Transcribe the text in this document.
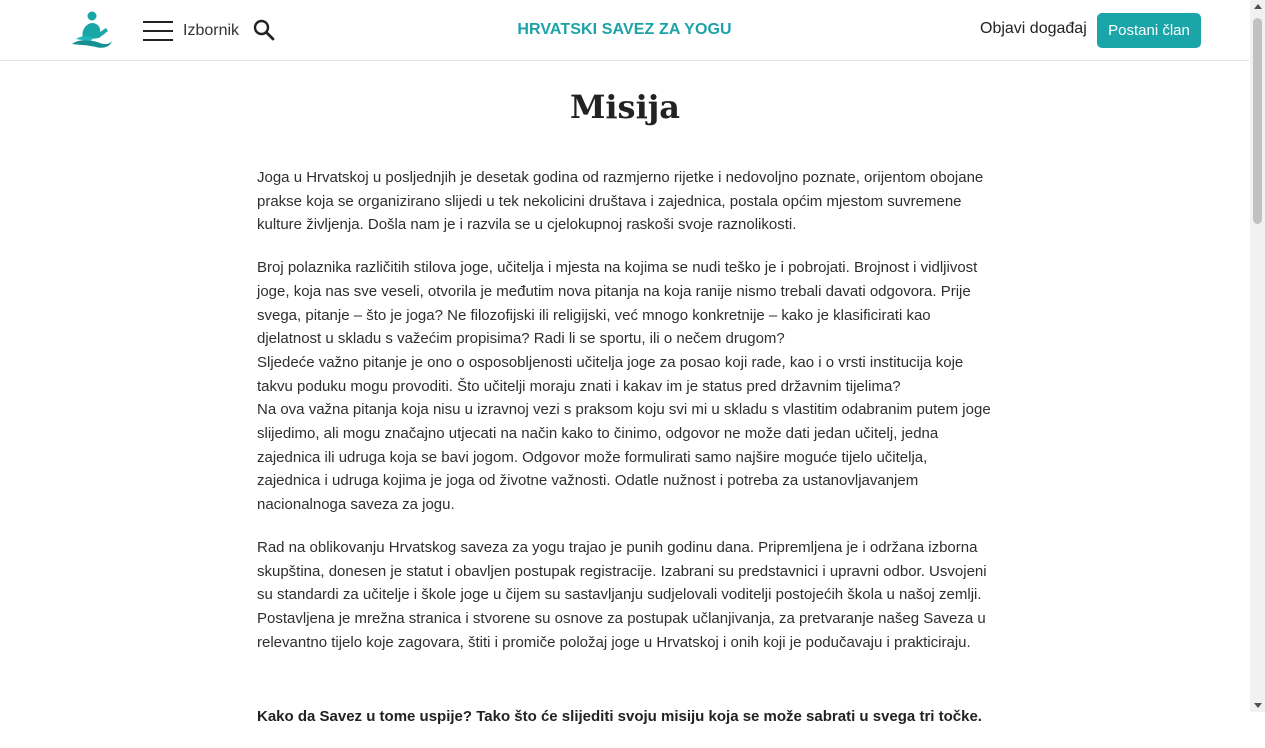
Izbornik	HRVATSKI SAVEZ ZA YOGU	Objavi događaj	Postani član
Misija

Joga u Hrvatskoj u posljednjih je desetak godina od razmjerno rijetke i nedovoljno poznate, orijentom obojane prakse koja se organizirano slijedi u tek nekolicini društava i zajednica, postala općim mjestom suvremene kulture življenja. Došla nam je i razvila se u cjelokupnoj raskoši svoje raznolikosti.

Broj polaznika različitih stilova joge, učitelja i mjesta na kojima se nudi teško je i pobrojati. Brojnost i vidljivost joge, koja nas sve veseli, otvorila je međutim nova pitanja na koja ranije nismo trebali davati odgovora. Prije svega, pitanje – što je joga? Ne filozofijski ili religijski, već mnogo konkretnije – kako je klasificirati kao djelatnost u skladu s važećim propisima? Radi li se sportu, ili o nečem drugom?
Sljedeće važno pitanje je ono o osposobljenosti učitelja joge za posao koji rade, kao i o vrsti institucija koje takvu poduku mogu provoditi. Što učitelji moraju znati i kakav im je status pred državnim tijelima?
Na ova važna pitanja koja nisu u izravnoj vezi s praksom koju svi mi u skladu s vlastitim odabranim putem joge slijedimo, ali mogu značajno utjecati na način kako to činimo, odgovor ne može dati jedan učitelj, jedna zajednica ili udruga koja se bavi jogom. Odgovor može formulirati samo najšire moguće tijelo učitelja, zajednica i udruga kojima je joga od životne važnosti. Odatle nužnost i potreba za ustanovljavanjem nacionalnoga saveza za jogu.

Rad na oblikovanju Hrvatskog saveza za yogu trajao je punih godinu dana. Pripremljena je i održana izborna skupština, donesen je statut i obavljen postupak registracije. Izabrani su predstavnici i upravni odbor. Usvojeni su standardi za učitelje i škole joge u čijem su sastavljanju sudjelovali voditelji postojećih škola u našoj zemlji. Postavljena je mrežna stranica i stvorene su osnove za postupak učlanjivanja, za pretvaranje našeg Saveza u relevantno tijelo koje zagovara, štiti i promiče položaj joge u Hrvatskoj i onih koji je podučavaju i prakticiraju.

Kako da Savez u tome uspije? Tako što će slijediti svoju misiju koja se može sabrati u svega tri točke.
